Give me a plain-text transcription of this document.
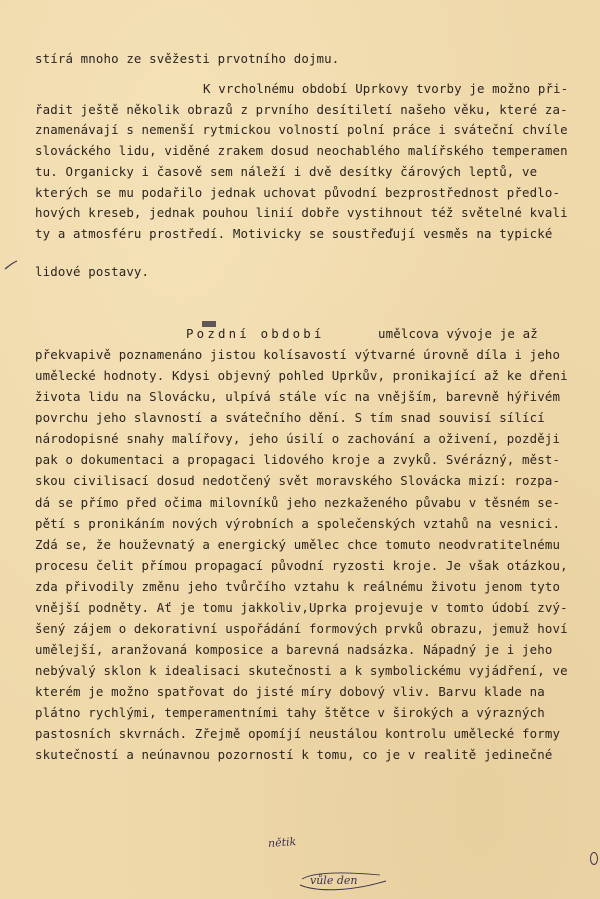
stírá mnoho ze svěžesti prvotního dojmu.
K vrcholnému období Uprkovy tvorby je možno při-
řadit ještě několik obrazů z prvního desítiletí našeho věku, které za-
znamenávají s nemenší rytmickou volností polní práce i sváteční chvíle
slováckého lidu, viděné zrakem dosud neochablého malířského temperamen
tu. Organicky i časově sem náleží i dvě desítky čárových leptů, ve
kterých se mu podařilo jednak uchovat původní bezprostřednost předlo-
hových kreseb, jednak pouhou linií dobře vystihnout též světelné kvali
ty a atmosféru prostředí. Motivicky se soustřeďují vesměs na typické
lidové postavy.
Pozdní období	umělcova vývoje je až
překvapivě poznamenáno jistou kolísavostí výtvarné úrovně díla i jeho
umělecké hodnoty. Kdysi objevný pohled Uprkův, pronikající až ke dřeni
života lidu na Slovácku, ulpívá stále víc na vnějším, barevně hýřivém
povrchu jeho slavností a svátečního dění. S tím snad souvisí sílící
národopisné snahy malířovy, jeho úsilí o zachování a oživení, později
pak o dokumentaci a propagaci lidového kroje a zvyků. Svérázný, měst-
skou civilisací dosud nedotčený svět moravského Slovácka mizí: rozpa-
dá se přímo před očima milovníků jeho nezkaženého půvabu v těsném se-
pětí s pronikáním nových výrobních a společenských vztahů na vesnici.
Zdá se, že houževnatý a energický umělec chce tomuto neodvratitelnému
procesu čelit přímou propagací původní ryzosti kroje. Je však otázkou,
zda přivodily změnu jeho tvůrčího vztahu k reálnému životu jenom tyto
vnější podněty. Ať je tomu jakkoliv,Uprka projevuje v tomto údobí zvý-
šený zájem o dekorativní uspořádání formových prvků obrazu, jemuž hoví
umělejší, aranžovaná komposice a barevná nadsázka. Nápadný je i jeho
nebývalý sklon k idealisaci skutečnosti a k symbolickému vyjádření, ve
kterém je možno spatřovat do jisté míry dobový vliv. Barvu klade na
plátno rychlými, temperamentními tahy štětce v širokých a výrazných
pastosních skvrnách. Zřejmě opomíjí neustálou kontrolu umělecké formy
skutečností a neúnavnou pozorností k tomu, co je v realitě jedinečné
nětik
vůle den
